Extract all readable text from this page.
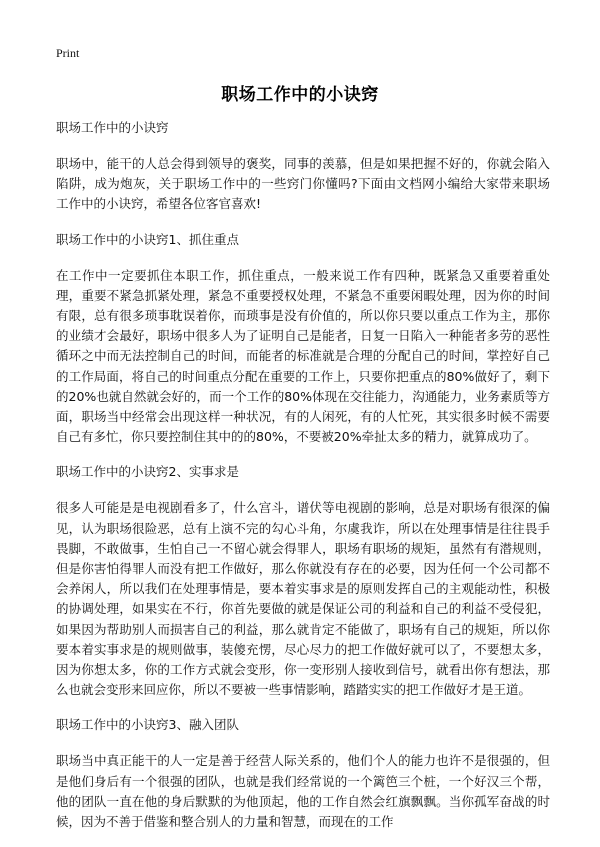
Print
职场工作中的小诀窍
职场工作中的小诀窍
职场中，能干的人总会得到领导的褒奖，同事的羡慕，但是如果把握不好的，你就会陷入陷阱，成为炮灰，关于职场工作中的一些窍门你懂吗?下面由文档网小编给大家带来职场工作中的小诀窍，希望各位客官喜欢!
职场工作中的小诀窍1、抓住重点
在工作中一定要抓住本职工作，抓住重点，一般来说工作有四种，既紧急又重要着重处理，重要不紧急抓紧处理，紧急不重要授权处理，不紧急不重要闲暇处理，因为你的时间有限，总有很多琐事耽误着你，而琐事是没有价值的，所以你只要以重点工作为主，那你的业绩才会最好，职场中很多人为了证明自己是能者，日复一日陷入一种能者多劳的恶性循环之中而无法控制自己的时间，而能者的标准就是合理的分配自己的时间，掌控好自己的工作局面，将自己的时间重点分配在重要的工作上，只要你把重点的80%做好了，剩下的20%也就自然就会好的，而一个工作的80%体现在交往能力，沟通能力，业务素质等方面，职场当中经常会出现这样一种状况，有的人闲死，有的人忙死，其实很多时候不需要自己有多忙，你只要控制住其中的的80%，不要被20%牵扯太多的精力，就算成功了。
职场工作中的小诀窍2、实事求是
很多人可能是是电视剧看多了，什么宫斗，谱伏等电视剧的影响，总是对职场有很深的偏见，认为职场很险恶，总有上演不完的勾心斗角，尔虞我诈，所以在处理事情是往往畏手畏脚，不敢做事，生怕自己一不留心就会得罪人，职场有职场的规矩，虽然有有潜规则，但是你害怕得罪人而没有把工作做好，那么你就没有存在的必要，因为任何一个公司都不会养闲人，所以我们在处理事情是，要本着实事求是的原则发挥自己的主观能动性，积极的协调处理，如果实在不行，你首先要做的就是保证公司的利益和自己的利益不受侵犯，如果因为帮助别人而损害自己的利益，那么就肯定不能做了，职场有自己的规矩，所以你要本着实事求是的规则做事，装傻充愣，尽心尽力的把工作做好就可以了，不要想太多，因为你想太多，你的工作方式就会变形，你一变形别人接收到信号，就看出你有想法，那么也就会变形来回应你，所以不要被一些事情影响，踏踏实实的把工作做好才是王道。
职场工作中的小诀窍3、融入团队
职场当中真正能干的人一定是善于经营人际关系的，他们个人的能力也许不是很强的，但是他们身后有一个很强的团队，也就是我们经常说的一个篱笆三个桩，一个好汉三个帮，他的团队一直在他的身后默默的为他顶起，他的工作自然会红旗飘飘。当你孤军奋战的时候，因为不善于借鉴和整合别人的力量和智慧，而现在的工作
